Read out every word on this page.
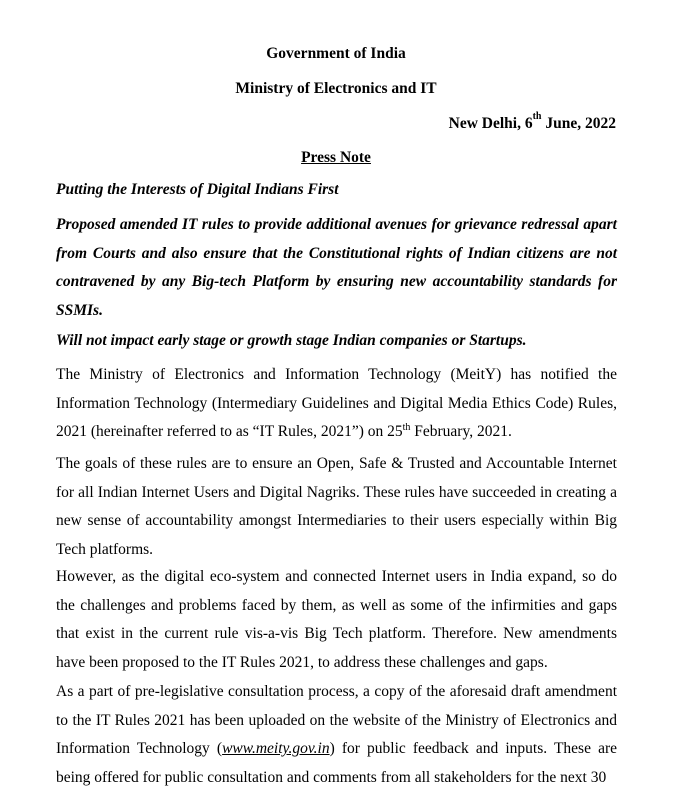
Government of India
Ministry of Electronics and IT
New Delhi, 6th June, 2022
Press Note
Putting the Interests of Digital Indians First
Proposed amended IT rules to provide additional avenues for grievance redressal apart from Courts and also ensure that the Constitutional rights of Indian citizens are not contravened by any Big-tech Platform by ensuring new accountability standards for SSMIs.
Will not impact early stage or growth stage Indian companies or Startups.
The Ministry of Electronics and Information Technology (MeitY) has notified the Information Technology (Intermediary Guidelines and Digital Media Ethics Code) Rules, 2021 (hereinafter referred to as “IT Rules, 2021”) on 25th February, 2021.
The goals of these rules are to ensure an Open, Safe & Trusted and Accountable Internet for all Indian Internet Users and Digital Nagriks. These rules have succeeded in creating a new sense of accountability amongst Intermediaries to their users especially within Big Tech platforms.
However, as the digital eco-system and connected Internet users in India expand, so do the challenges and problems faced by them, as well as some of the infirmities and gaps that exist in the current rule vis-a-vis Big Tech platform. Therefore. New amendments have been proposed to the IT Rules 2021, to address these challenges and gaps.
As a part of pre-legislative consultation process, a copy of the aforesaid draft amendment to the IT Rules 2021 has been uploaded on the website of the Ministry of Electronics and Information Technology (www.meity.gov.in) for public feedback and inputs. These are being offered for public consultation and comments from all stakeholders for the next 30
